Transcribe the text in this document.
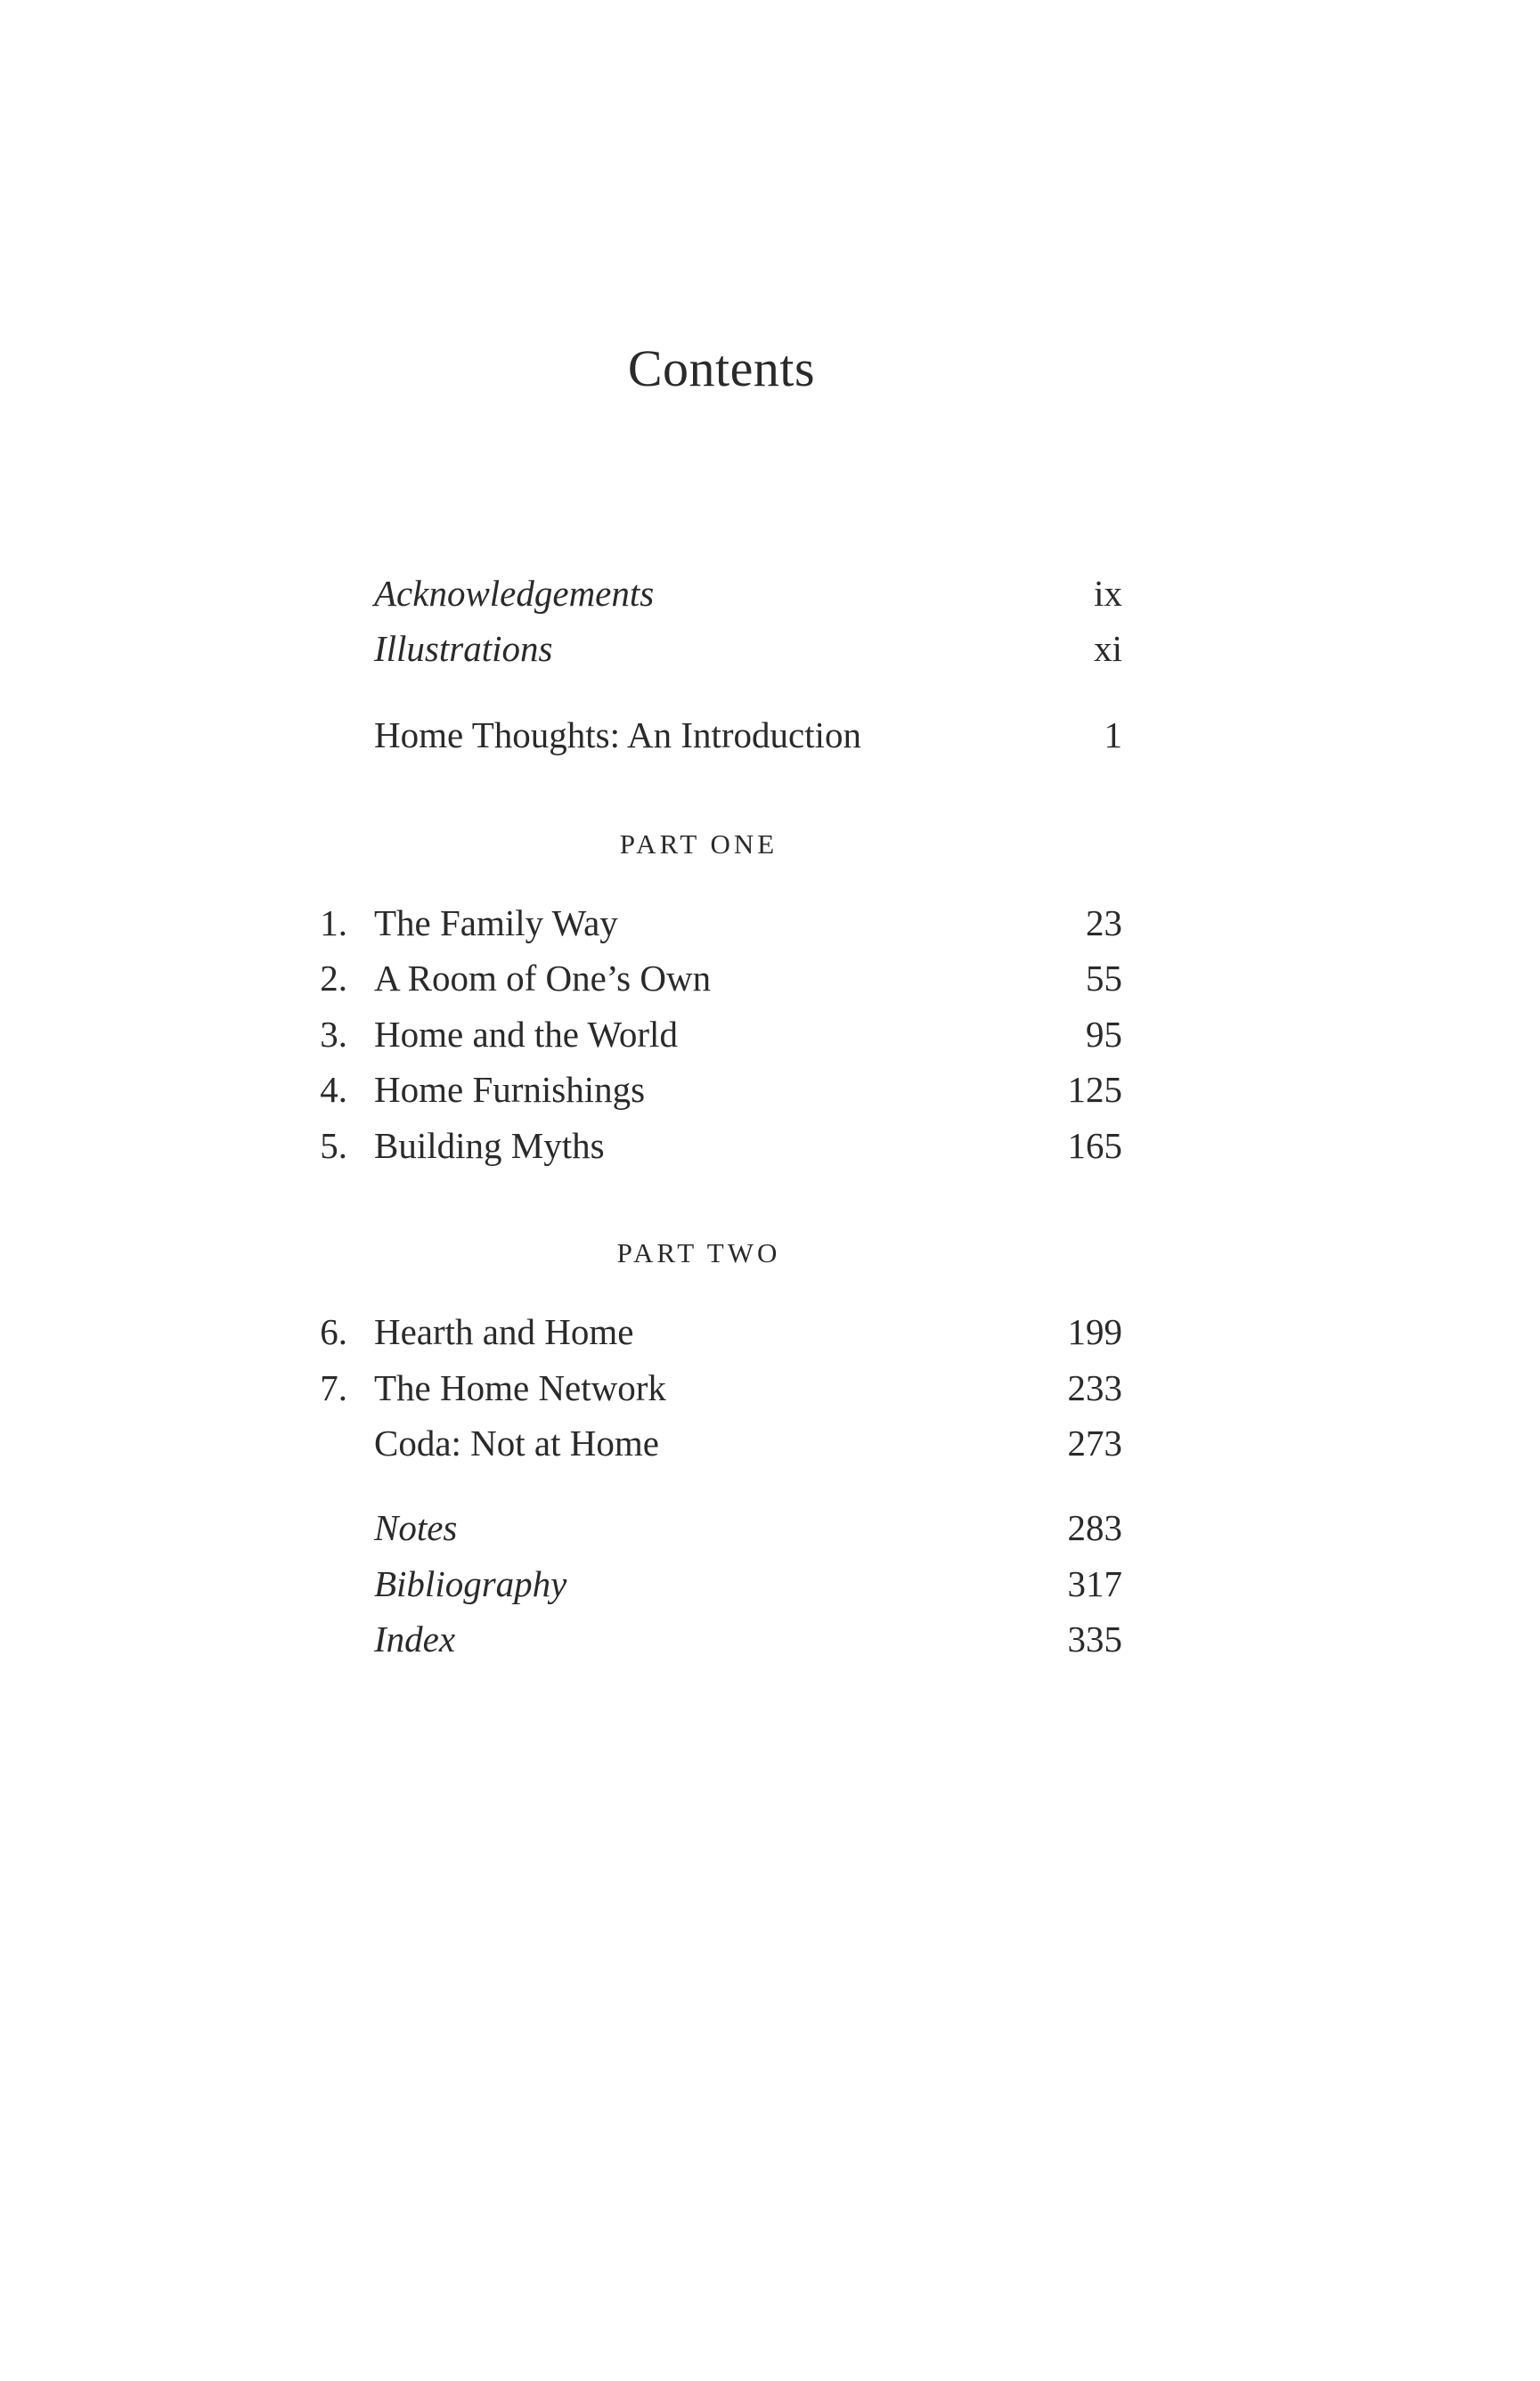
Contents
Acknowledgements	ix
Illustrations	xi
Home Thoughts: An Introduction	1
PART ONE
1. The Family Way	23
2. A Room of One’s Own	55
3. Home and the World	95
4. Home Furnishings	125
5. Building Myths	165
PART TWO
6. Hearth and Home	199
7. The Home Network	233
Coda: Not at Home	273
Notes	283
Bibliography	317
Index	335
